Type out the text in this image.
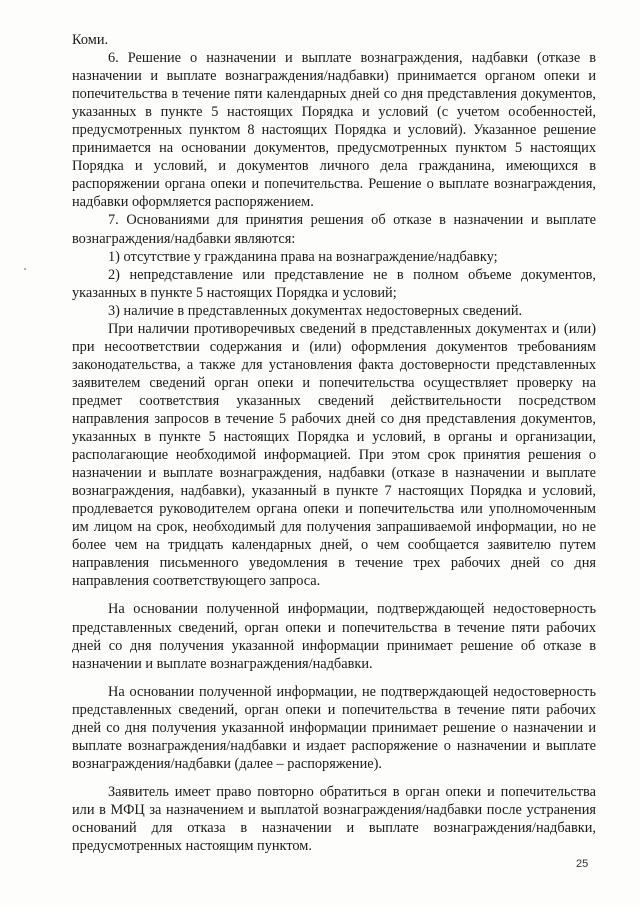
Коми.

6. Решение о назначении и выплате вознаграждения, надбавки (отказе в назначении и выплате вознаграждения/надбавки) принимается органом опеки и попечительства в течение пяти календарных дней со дня представления документов, указанных в пункте 5 настоящих Порядка и условий (с учетом особенностей, предусмотренных пунктом 8 настоящих Порядка и условий). Указанное решение принимается на основании документов, предусмотренных пунктом 5 настоящих Порядка и условий, и документов личного дела гражданина, имеющихся в распоряжении органа опеки и попечительства. Решение о выплате вознаграждения, надбавки оформляется распоряжением.

7. Основаниями для принятия решения об отказе в назначении и выплате вознаграждения/надбавки являются:

1) отсутствие у гражданина права на вознаграждение/надбавку;

2) непредставление или представление не в полном объеме документов, указанных в пункте 5 настоящих Порядка и условий;

3) наличие в представленных документах недостоверных сведений.

При наличии противоречивых сведений в представленных документах и (или) при несоответствии содержания и (или) оформления документов требованиям законодательства, а также для установления факта достоверности представленных заявителем сведений орган опеки и попечительства осуществляет проверку на предмет соответствия указанных сведений действительности посредством направления запросов в течение 5 рабочих дней со дня представления документов, указанных в пункте 5 настоящих Порядка и условий, в органы и организации, располагающие необходимой информацией. При этом срок принятия решения о назначении и выплате вознаграждения, надбавки (отказе в назначении и выплате вознаграждения, надбавки), указанный в пункте 7 настоящих Порядка и условий, продлевается руководителем органа опеки и попечительства или уполномоченным им лицом на срок, необходимый для получения запрашиваемой информации, но не более чем на тридцать календарных дней, о чем сообщается заявителю путем направления письменного уведомления в течение трех рабочих дней со дня направления соответствующего запроса.

На основании полученной информации, подтверждающей недостоверность представленных сведений, орган опеки и попечительства в течение пяти рабочих дней со дня получения указанной информации принимает решение об отказе в назначении и выплате вознаграждения/надбавки.

На основании полученной информации, не подтверждающей недостоверность представленных сведений, орган опеки и попечительства в течение пяти рабочих дней со дня получения указанной информации принимает решение о назначении и выплате вознаграждения/надбавки и издает распоряжение о назначении и выплате вознаграждения/надбавки (далее – распоряжение).

Заявитель имеет право повторно обратиться в орган опеки и попечительства или в МФЦ за назначением и выплатой вознаграждения/надбавки после устранения оснований для отказа в назначении и выплате вознаграждения/надбавки, предусмотренных настоящим пунктом.

25
